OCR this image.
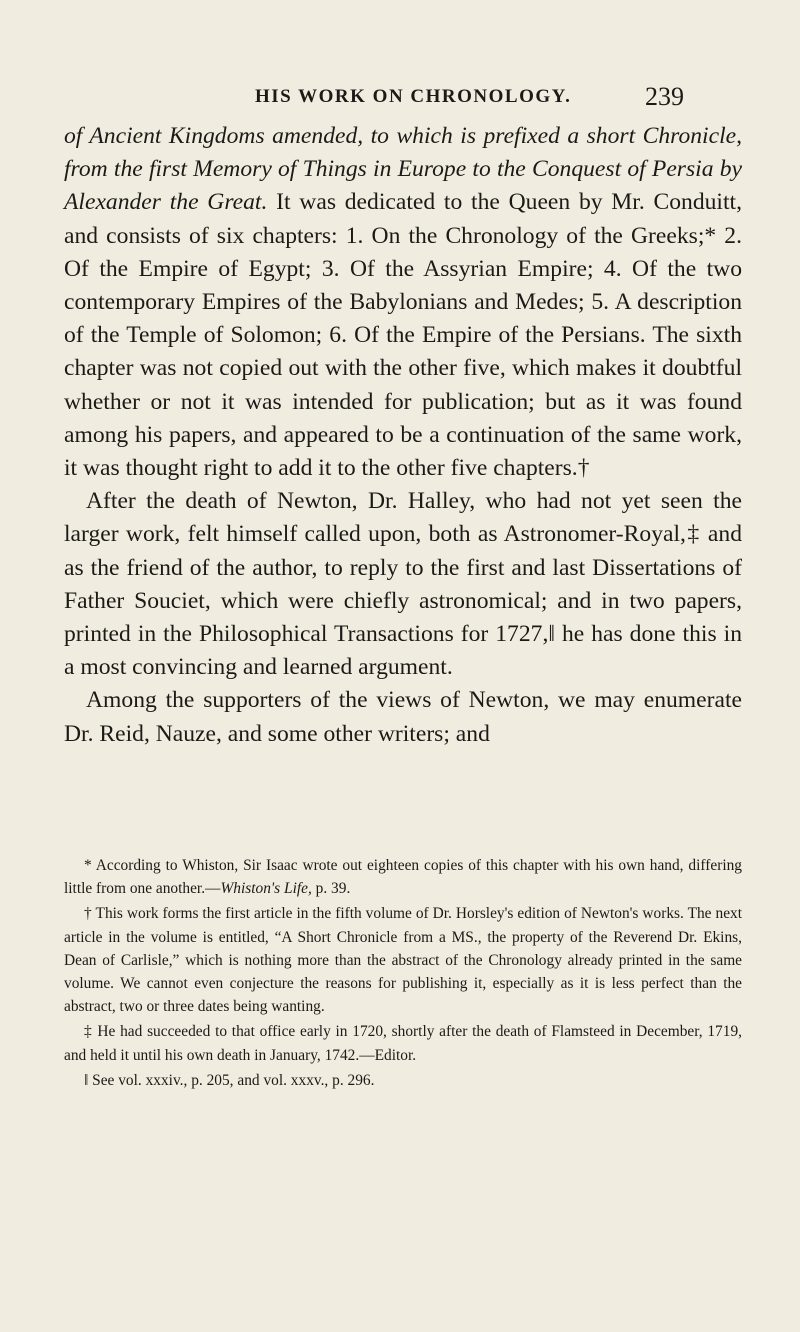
HIS WORK ON CHRONOLOGY.	239

of Ancient Kingdoms amended, to which is prefixed a short Chronicle, from the first Memory of Things in Europe to the Conquest of Persia by Alexander the Great. It was dedicated to the Queen by Mr. Conduitt, and consists of six chapters: 1. On the Chronology of the Greeks;* 2. Of the Empire of Egypt; 3. Of the Assyrian Empire; 4. Of the two contemporary Empires of the Babylonians and Medes; 5. A description of the Temple of Solomon; 6. Of the Empire of the Persians. The sixth chapter was not copied out with the other five, which makes it doubtful whether or not it was intended for publication; but as it was found among his papers, and appeared to be a continuation of the same work, it was thought right to add it to the other five chapters.†

After the death of Newton, Dr. Halley, who had not yet seen the larger work, felt himself called upon, both as Astronomer-Royal,‡ and as the friend of the author, to reply to the first and last Dissertations of Father Souciet, which were chiefly astronomical; and in two papers, printed in the Philosophical Transactions for 1727,‖ he has done this in a most convincing and learned argument.

Among the supporters of the views of Newton, we may enumerate Dr. Reid, Nauze, and some other writers; and

* According to Whiston, Sir Isaac wrote out eighteen copies of this chapter with his own hand, differing little from one another.—Whiston's Life, p. 39.

† This work forms the first article in the fifth volume of Dr. Horsley's edition of Newton's works. The next article in the volume is entitled, “A Short Chronicle from a MS., the property of the Reverend Dr. Ekins, Dean of Carlisle,” which is nothing more than the abstract of the Chronology already printed in the same volume. We cannot even conjecture the reasons for publishing it, especially as it is less perfect than the abstract, two or three dates being wanting.

‡ He had succeeded to that office early in 1720, shortly after the death of Flamsteed in December, 1719, and held it until his own death in January, 1742.—Editor.

‖ See vol. xxxiv., p. 205, and vol. xxxv., p. 296.
